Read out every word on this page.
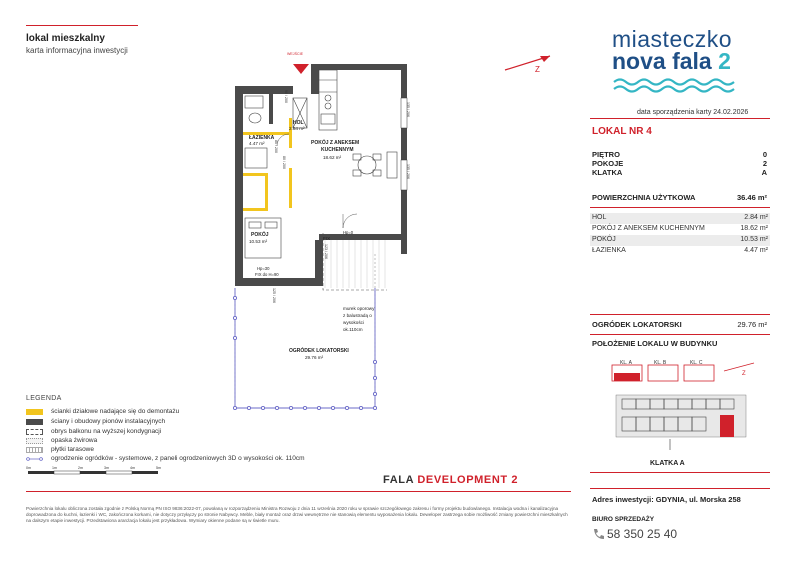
lokal mieszkalny
karta informacyjna inwestycji
Z
miasteczko
nova fala 2
data sporządzenia karty 24.02.2026
LOKAL NR 4
PIĘTRO	0
POKOJE	2
KLATKA	A
POWIERZCHNIA UŻYTKOWA	36.46 m²
HOL	2.84 m²
POKÓJ Z ANEKSEM KUCHENNYM	18.62 m²
POKÓJ	10.53 m²
ŁAZIENKA	4.47 m²
OGRÓDEK LOKATORSKI	29.76 m²
POŁOŻENIE LOKALU W BUDYNKU
KL. A	KL. B	KL. C
Z
KLATKA A
Adres inwestycji: GDYNIA, ul. Morska 258
BIURO SPRZEDAŻY
58 350 25 40
FALA DEVELOPMENT 2
WEJŚCIE
HOL
2.84 m²
ŁAZIENKA
4.47 m²	POKÓJ Z ANEKSEM
KUCHENNYM
18.62 m²
POKÓJ
10.53 m²
OGRÓDEK LOKATORSKI
29.76 m²
murek oporowy
z balustradą o
wysokości
ok.110cm
FIX
Hp=0
Hp=30
FIX do H=90
90 / 200
80 / 200
80 / 200
135 / 206
135 / 206
123 / 206
125 / 206
LEGENDA
ścianki działowe nadające się do demontażu
ściany i obudowy pionów instalacyjnych
obrys balkonu na wyższej kondygnacji
opaska żwirowa
płytki tarasowe
ogrodzenie ogródków - systemowe, z paneli ogrodzeniowych 3D o wysokości ok. 110cm
0m	1m	2m	3m	4m	5m
Powierzchnia lokalu obliczona została zgodnie z Polską Normą PN ISO 9836:2022-07, powołaną w rozporządzeniu Ministra Rozwoju z dnia 11 września 2020 roku w sprawie szczegółowego zakresu i formy projektu budowlanego. Instalacja wodna i kanalizacyjna doprowadzona do kuchni, łazienki i WC, zakończona korkami, nie dotyczy przyłączy po stronie Nabywcy. Meble, biały montaż oraz drzwi wewnętrzne nie stanowią elementu wyposażenia lokalu. Deweloper zastrzega sobie możliwość zmiany powierzchni mieszkalnych na dalszym etapie inwestycji. Przedstawiona aranżacja lokalu jest przykładowa. Wymiary okienne podane są w świetle muru.
